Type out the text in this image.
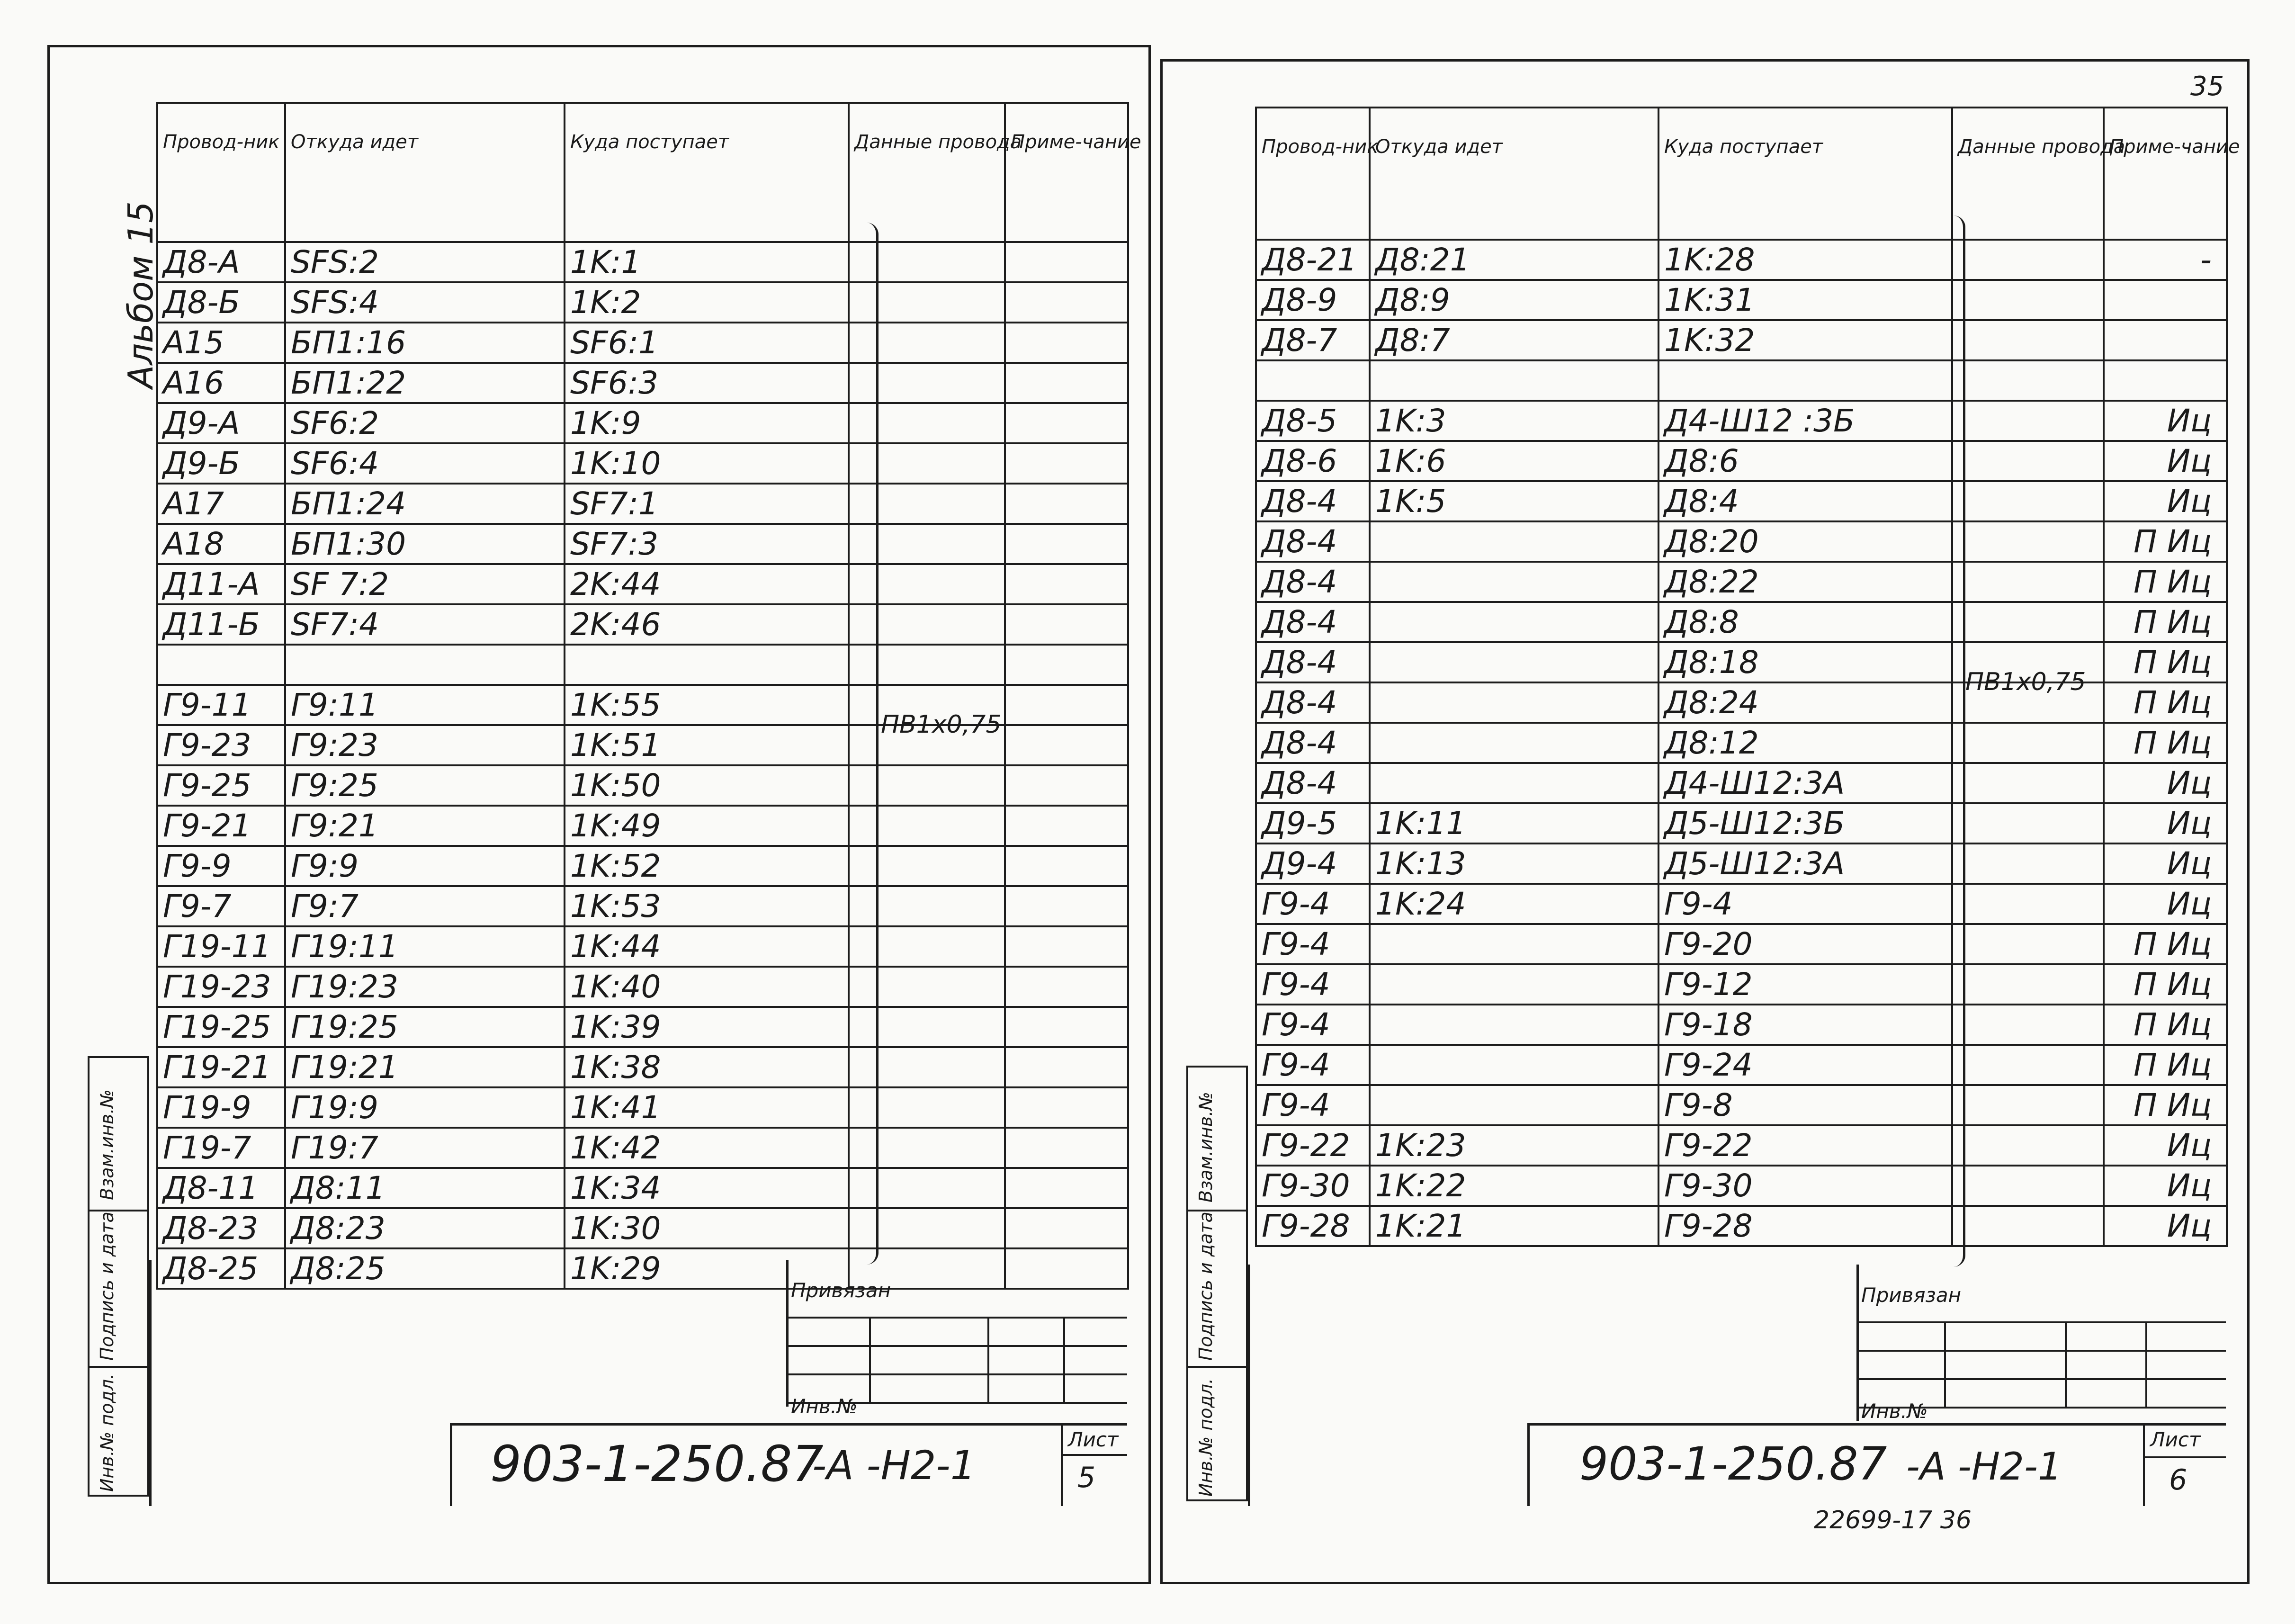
35
Альбом 15
Провод-ник	Откуда идет	Куда поступает	Данные провода	Приме-чание
Д8-А	SFS:2	1K:1		
Д8-Б	SFS:4	1K:2		
А15	БП1:16	SF6:1		
А16	БП1:22	SF6:3		
Д9-А	SF6:2	1K:9		
Д9-Б	SF6:4	1K:10		
А17	БП1:24	SF7:1		
А18	БП1:30	SF7:3		
Д11-А	SF 7:2	2K:44		
Д11-Б	SF7:4	2K:46		

Г9-11	Г9:11	1K:55		
Г9-23	Г9:23	1K:51		
Г9-25	Г9:25	1K:50		
Г9-21	Г9:21	1K:49		
Г9-9	Г9:9	1K:52		
Г9-7	Г9:7	1K:53		
Г19-11	Г19:11	1K:44		
Г19-23	Г19:23	1K:40		
Г19-25	Г19:25	1K:39		
Г19-21	Г19:21	1K:38		
Г19-9	Г19:9	1K:41		
Г19-7	Г19:7	1K:42		
Д8-11	Д8:11	1K:34		
Д8-23	Д8:23	1K:30		
Д8-25	Д8:25	1K:29		
Провод-ник	Откуда идет	Куда поступает	Данные провода	Приме-чание
Д8-21	Д8:21	1K:28		-
Д8-9	Д8:9	1K:31		
Д8-7	Д8:7	1K:32		

Д8-5	1K:3	Д4-Ш12 :3Б		Иц
Д8-6	1K:6	Д8:6		Иц
Д8-4	1K:5	Д8:4		Иц
Д8-4		Д8:20		П Иц
Д8-4		Д8:22		П Иц
Д8-4		Д8:8		П Иц
Д8-4		Д8:18		П Иц
Д8-4		Д8:24		П Иц
Д8-4		Д8:12		П Иц
Д8-4		Д4-Ш12:3А		Иц
Д9-5	1K:11	Д5-Ш12:3Б		Иц
Д9-4	1K:13	Д5-Ш12:3А		Иц
Г9-4	1K:24	Г9-4		Иц
Г9-4		Г9-20		П Иц
Г9-4		Г9-12		П Иц
Г9-4		Г9-18		П Иц
Г9-4		Г9-24		П Иц
Г9-4		Г9-8		П Иц
Г9-22	1K:23	Г9-22		Иц
Г9-30	1K:22	Г9-30		Иц
Г9-28	1K:21	Г9-28		Иц
ПВ1х0,75
ПВ1х0,75
Взам.инв.№
Подпись и дата
Инв.№ подл.
Взам.инв.№
Подпись и дата
Инв.№ подл.
Привязан
Инв.№
903-1-250.87
-А -Н2-1
Лист
5
Привязан
Инв.№
903-1-250.87 -А -Н2-1
Лист
6
22699-17 36
